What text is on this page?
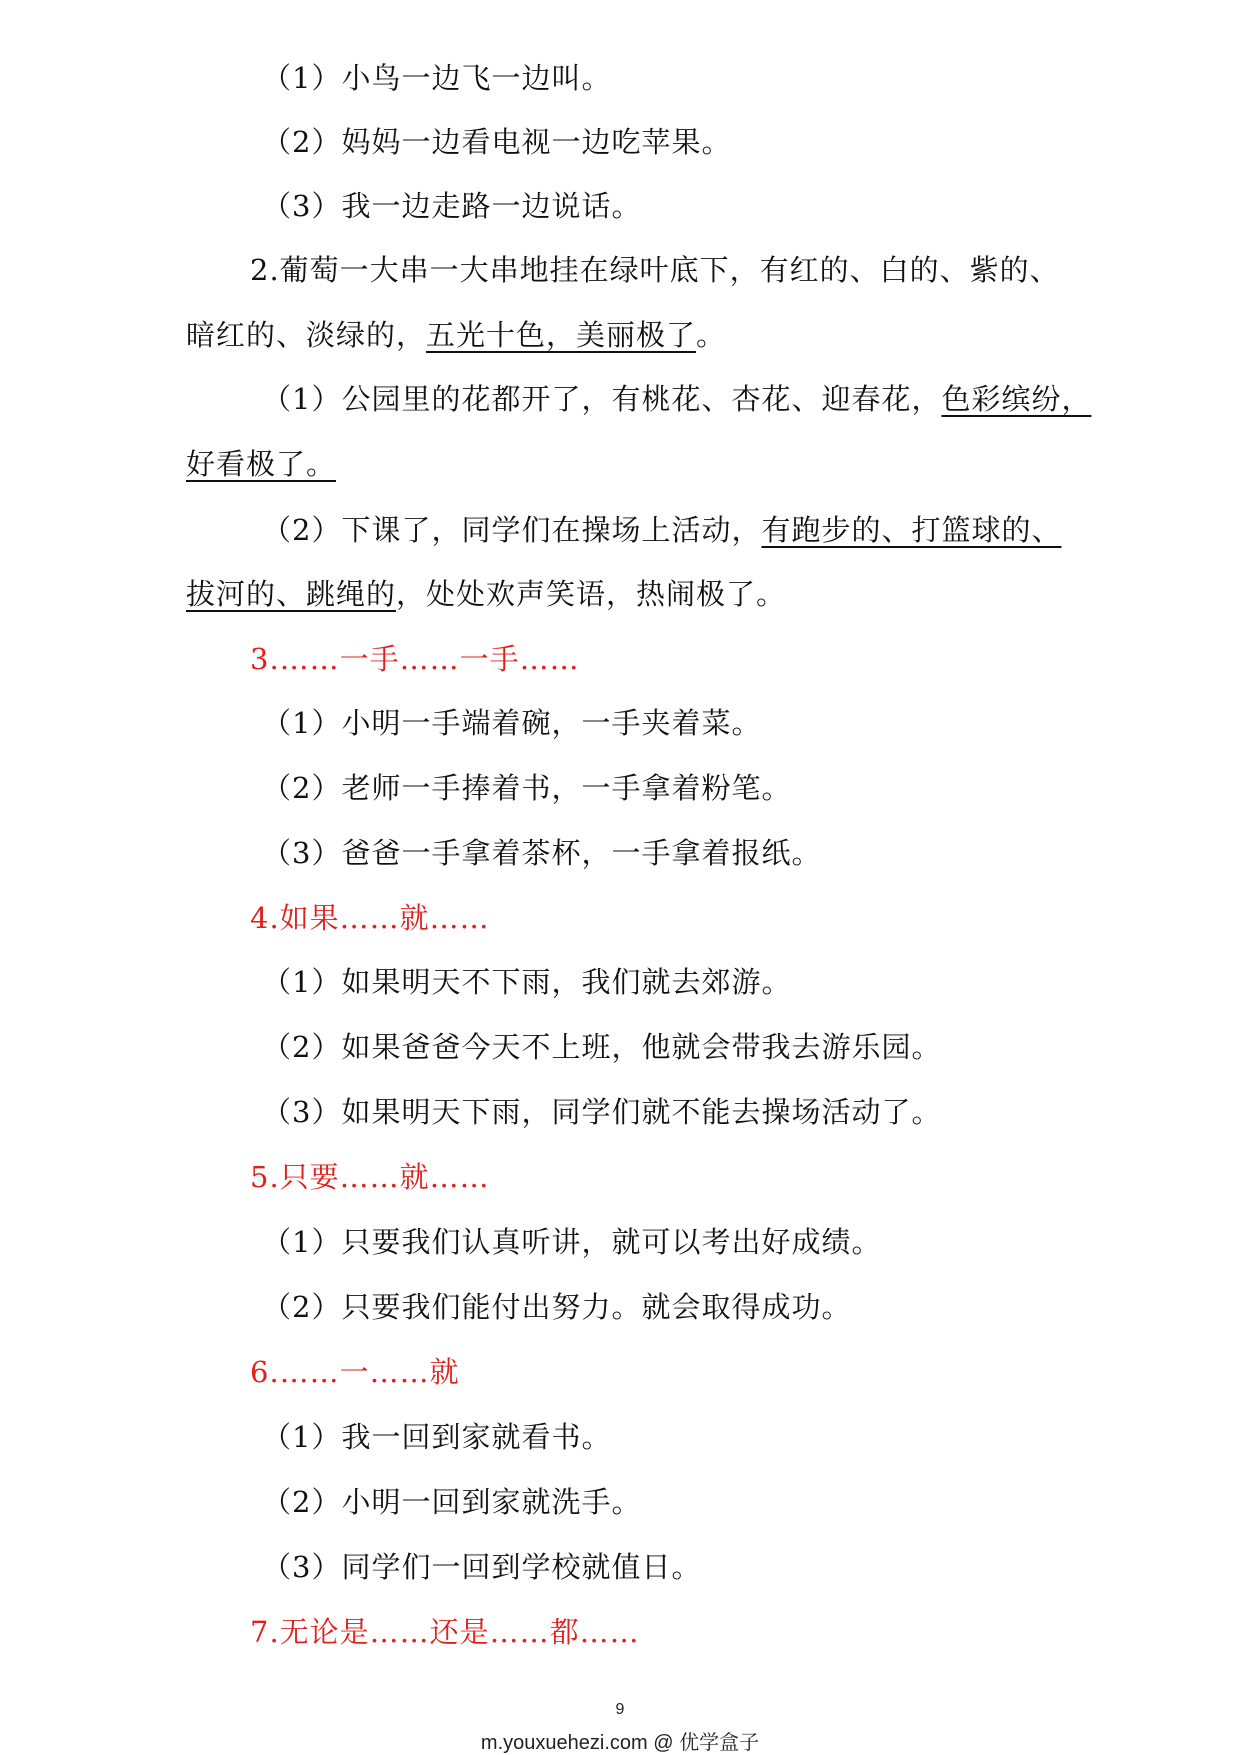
（1）小鸟一边飞一边叫。
（2）妈妈一边看电视一边吃苹果。
（3）我一边走路一边说话。
2.葡萄一大串一大串地挂在绿叶底下，有红的、白的、紫的、
暗红的、淡绿的，五光十色，美丽极了。
（1）公园里的花都开了，有桃花、杏花、迎春花，色彩缤纷，
好看极了。
（2）下课了，同学们在操场上活动，有跑步的、打篮球的、
拔河的、跳绳的，处处欢声笑语，热闹极了。
3.……一手……一手……
（1）小明一手端着碗，一手夹着菜。
（2）老师一手捧着书，一手拿着粉笔。
（3）爸爸一手拿着茶杯，一手拿着报纸。
4.如果……就……
（1）如果明天不下雨，我们就去郊游。
（2）如果爸爸今天不上班，他就会带我去游乐园。
（3）如果明天下雨，同学们就不能去操场活动了。
5.只要……就……
（1）只要我们认真听讲，就可以考出好成绩。
（2）只要我们能付出努力。就会取得成功。
6.……一……就
（1）我一回到家就看书。
（2）小明一回到家就洗手。
（3）同学们一回到学校就值日。
7.无论是……还是……都……
9
m.youxuehezi.com @ 优学盒子
